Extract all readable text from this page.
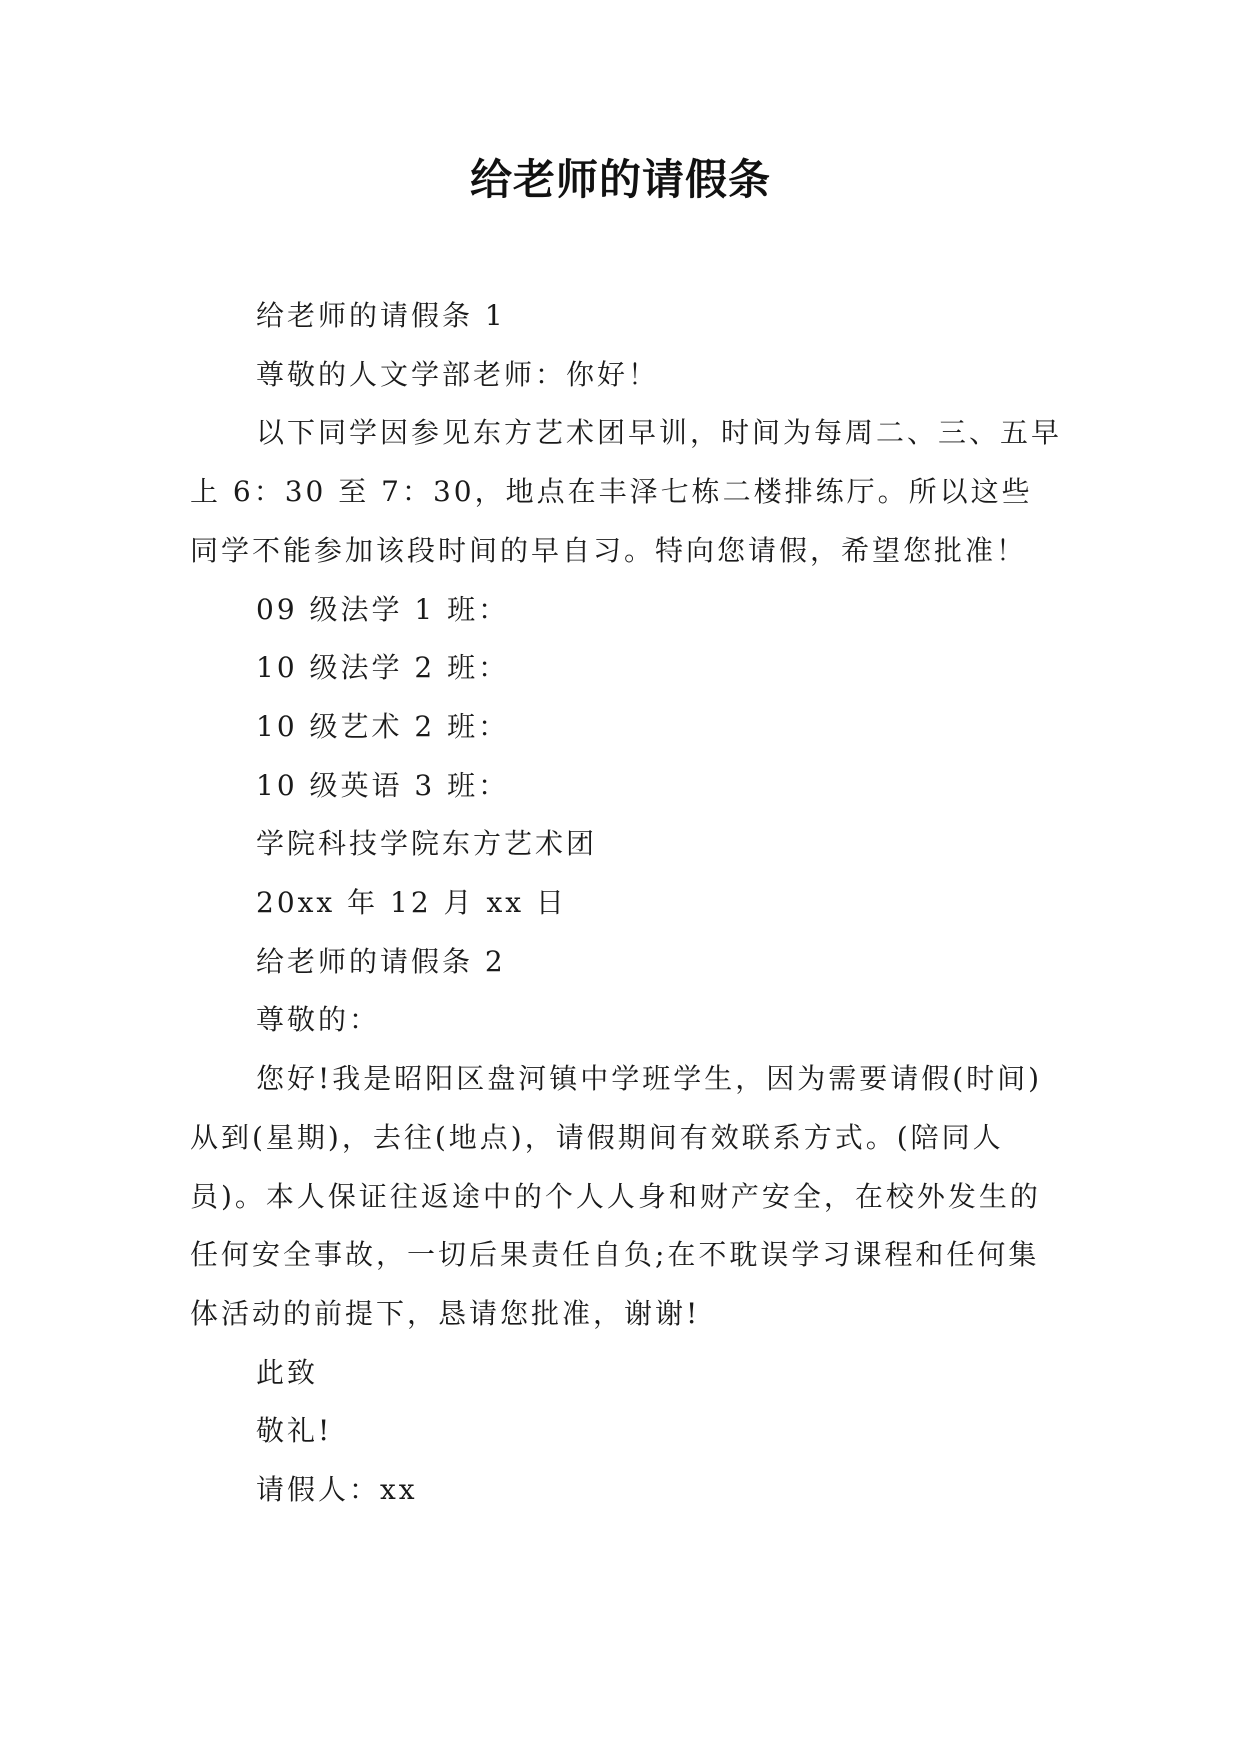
给老师的请假条

给老师的请假条 1

尊敬的人文学部老师：你好！

以下同学因参见东方艺术团早训，时间为每周二、三、五早上 6：30 至 7：30，地点在丰泽七栋二楼排练厅。所以这些同学不能参加该段时间的早自习。特向您请假，希望您批准！

09 级法学 1 班：

10 级法学 2 班：

10 级艺术 2 班：

10 级英语 3 班：

学院科技学院东方艺术团

20xx 年 12 月 xx 日

给老师的请假条 2

尊敬的：

您好!我是昭阳区盘河镇中学班学生，因为需要请假(时间)从到(星期)，去往(地点)，请假期间有效联系方式。(陪同人员)。本人保证往返途中的个人人身和财产安全，在校外发生的任何安全事故，一切后果责任自负;在不耽误学习课程和任何集体活动的前提下，恳请您批准，谢谢!

此致

敬礼!

请假人：xx
